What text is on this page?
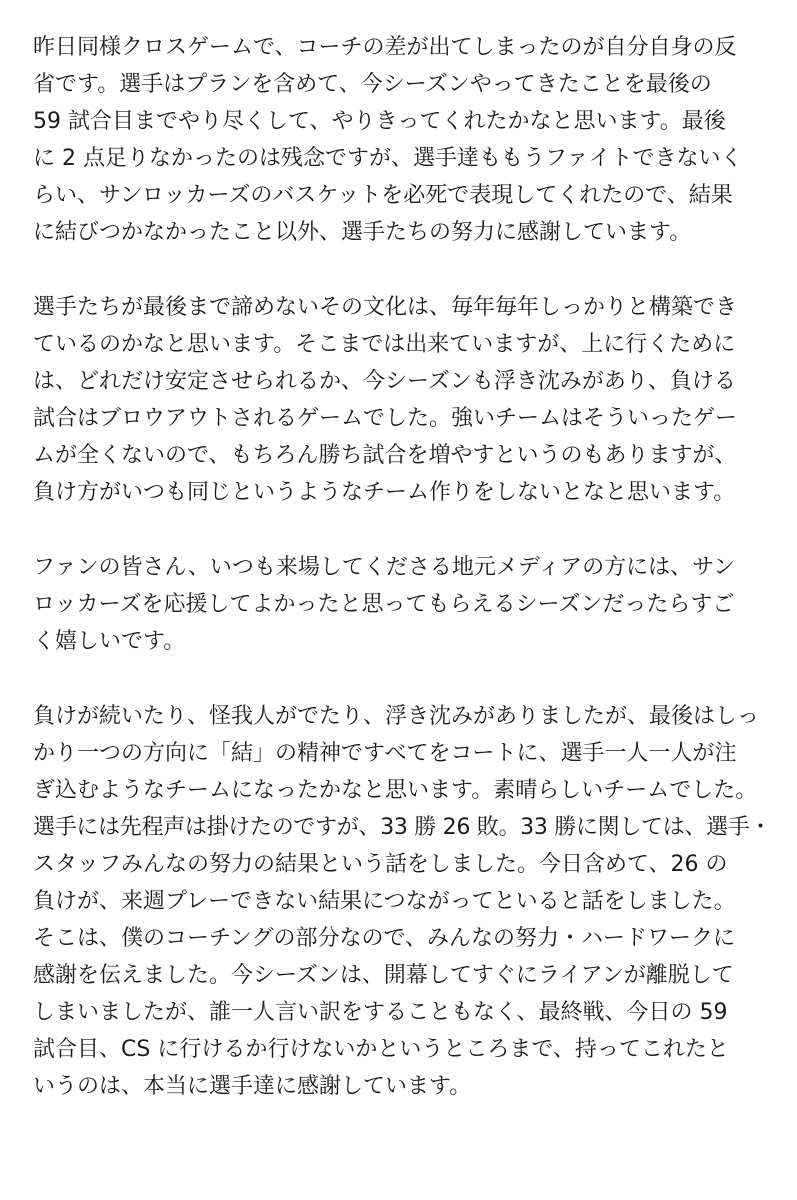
昨日同様クロスゲームで、コーチの差が出てしまったのが自分自身の反
省です。選手はプランを含めて、今シーズンやってきたことを最後の
59 試合目までやり尽くして、やりきってくれたかなと思います。最後
に 2 点足りなかったのは残念ですが、選手達ももうファイトできないく
らい、サンロッカーズのバスケットを必死で表現してくれたので、結果
に結びつかなかったこと以外、選手たちの努力に感謝しています。
選手たちが最後まで諦めないその文化は、毎年毎年しっかりと構築でき
ているのかなと思います。そこまでは出来ていますが、上に行くために
は、どれだけ安定させられるか、今シーズンも浮き沈みがあり、負ける
試合はブロウアウトされるゲームでした。強いチームはそういったゲー
ムが全くないので、もちろん勝ち試合を増やすというのもありますが、
負け方がいつも同じというようなチーム作りをしないとなと思います。
ファンの皆さん、いつも来場してくださる地元メディアの方には、サン
ロッカーズを応援してよかったと思ってもらえるシーズンだったらすご
く嬉しいです。
負けが続いたり、怪我人がでたり、浮き沈みがありましたが、最後はしっ
かり一つの方向に「結」の精神ですべてをコートに、選手一人一人が注
ぎ込むようなチームになったかなと思います。素晴らしいチームでした。
選手には先程声は掛けたのですが、33 勝 26 敗。33 勝に関しては、選手・
スタッフみんなの努力の結果という話をしました。今日含めて、26 の
負けが、来週プレーできない結果につながってといると話をしました。
そこは、僕のコーチングの部分なので、みんなの努力・ハードワークに
感謝を伝えました。今シーズンは、開幕してすぐにライアンが離脱して
しまいましたが、誰一人言い訳をすることもなく、最終戦、今日の 59
試合目、CS に行けるか行けないかというところまで、持ってこれたと
いうのは、本当に選手達に感謝しています。
